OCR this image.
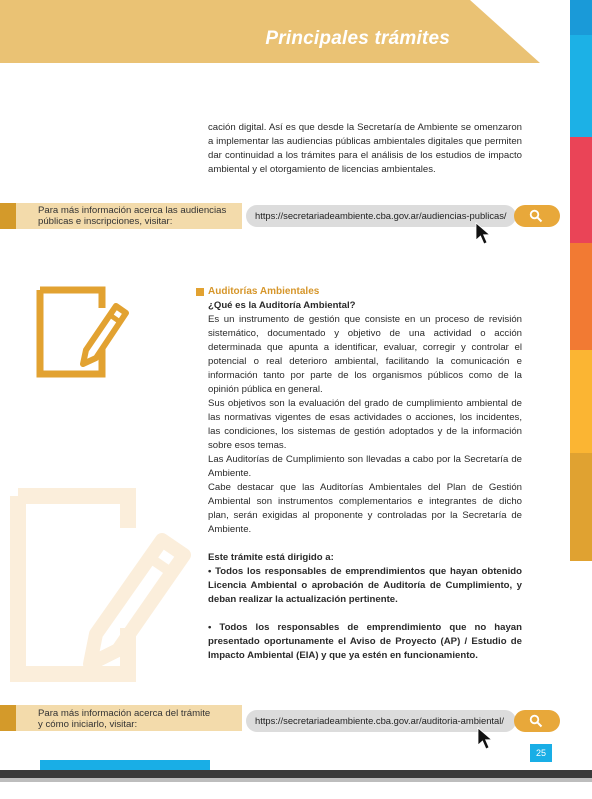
Principales trámites

cación digital. Así es que desde la Secretaría de Ambiente se omenzaron a implementar las audiencias públicas ambientales digitales que permiten dar continuidad a los trámites para el análisis de los estudios de impacto ambiental y el otorgamiento de licencias ambientales.

Para más información acerca las audiencias
públicas e inscripciones, visitar:
https://secretariadeambiente.cba.gov.ar/audiencias-publicas/
Auditorías Ambientales

¿Qué es la Auditoría Ambiental?

Es un instrumento de gestión que consiste en un proceso de revisión sistemático, documentado y objetivo de una actividad o acción determinada que apunta a identificar, evaluar, corregir y controlar el potencial o real deterioro ambiental, facilitando la comunicación e información tanto por parte de los organismos públicos como de la opinión pública en general.

Sus objetivos son la evaluación del grado de cumplimiento ambiental de las normativas vigentes de esas actividades o acciones, los incidentes, las condiciones, los sistemas de gestión adoptados y de la información sobre esos temas.

Las Auditorías de Cumplimiento son llevadas a cabo por la Secretaría de Ambiente.

Cabe destacar que las Auditorías Ambientales del Plan de Gestión Ambiental son instrumentos complementarios e integrantes de dicho plan, serán exigidas al proponente y controladas por la Secretaría de Ambiente.

Este trámite está dirigido a:

• Todos los responsables de emprendimientos que hayan obtenido Licencia Ambiental o aprobación de Auditoría de Cumplimiento, y deban realizar la actualización pertinente.

• Todos los responsables de emprendimiento que no hayan presentado oportunamente el Aviso de Proyecto (AP) / Estudio de Impacto Ambiental (EIA) y que ya estén en funcionamiento.

Para más información acerca del trámite
y cómo iniciarlo, visitar:	https://secretariadeambiente.cba.gov.ar/auditoria-ambiental/
25
